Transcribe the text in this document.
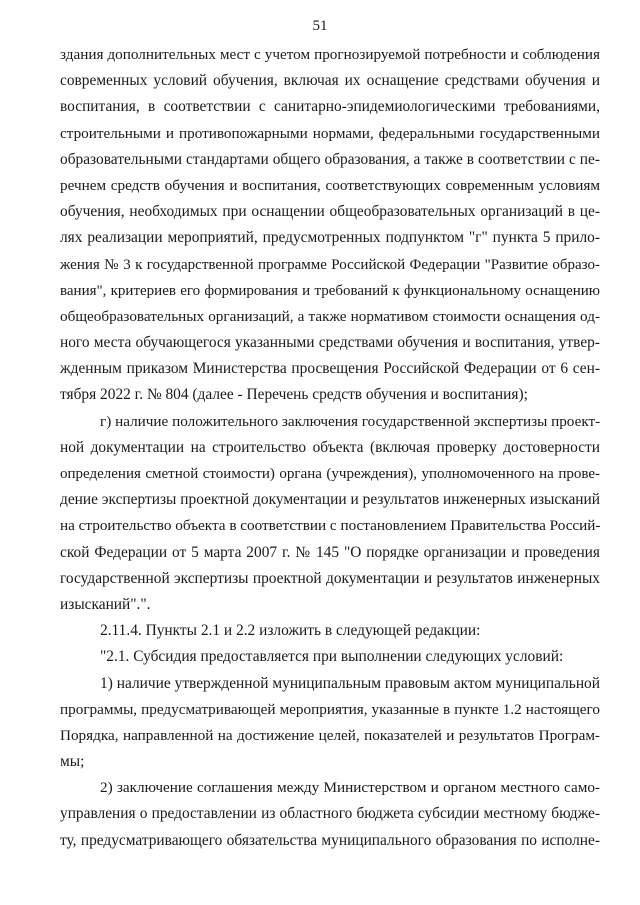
51
здания дополнительных мест с учетом прогнозируемой потребности и соблюдения
современных условий обучения, включая их оснащение средствами обучения и
воспитания, в соответствии с санитарно-эпидемиологическими требованиями,
строительными и противопожарными нормами, федеральными государственными
образовательными стандартами общего образования, а также в соответствии с пе-
речнем средств обучения и воспитания, соответствующих современным условиям
обучения, необходимых при оснащении общеобразовательных организаций в це-
лях реализации мероприятий, предусмотренных подпунктом "г" пункта 5 прило-
жения № 3 к государственной программе Российской Федерации "Развитие образо-
вания", критериев его формирования и требований к функциональному оснащению
общеобразовательных организаций, а также нормативом стоимости оснащения од-
ного места обучающегося указанными средствами обучения и воспитания, утвер-
жденным приказом Министерства просвещения Российской Федерации от 6 сен-
тября 2022 г. № 804 (далее - Перечень средств обучения и воспитания);
г) наличие положительного заключения государственной экспертизы проект-
ной документации на строительство объекта (включая проверку достоверности
определения сметной стоимости) органа (учреждения), уполномоченного на прове-
дение экспертизы проектной документации и результатов инженерных изысканий
на строительство объекта в соответствии с постановлением Правительства Россий-
ской Федерации от 5 марта 2007 г. № 145 "О порядке организации и проведения
государственной экспертизы проектной документации и результатов инженерных
изысканий".".
2.11.4. Пункты 2.1 и 2.2 изложить в следующей редакции:
"2.1. Субсидия предоставляется при выполнении следующих условий:
1) наличие утвержденной муниципальным правовым актом муниципальной
программы, предусматривающей мероприятия, указанные в пункте 1.2 настоящего
Порядка, направленной на достижение целей, показателей и результатов Програм-
мы;
2) заключение соглашения между Министерством и органом местного само-
управления о предоставлении из областного бюджета субсидии местному бюдже-
ту, предусматривающего обязательства муниципального образования по исполне-
